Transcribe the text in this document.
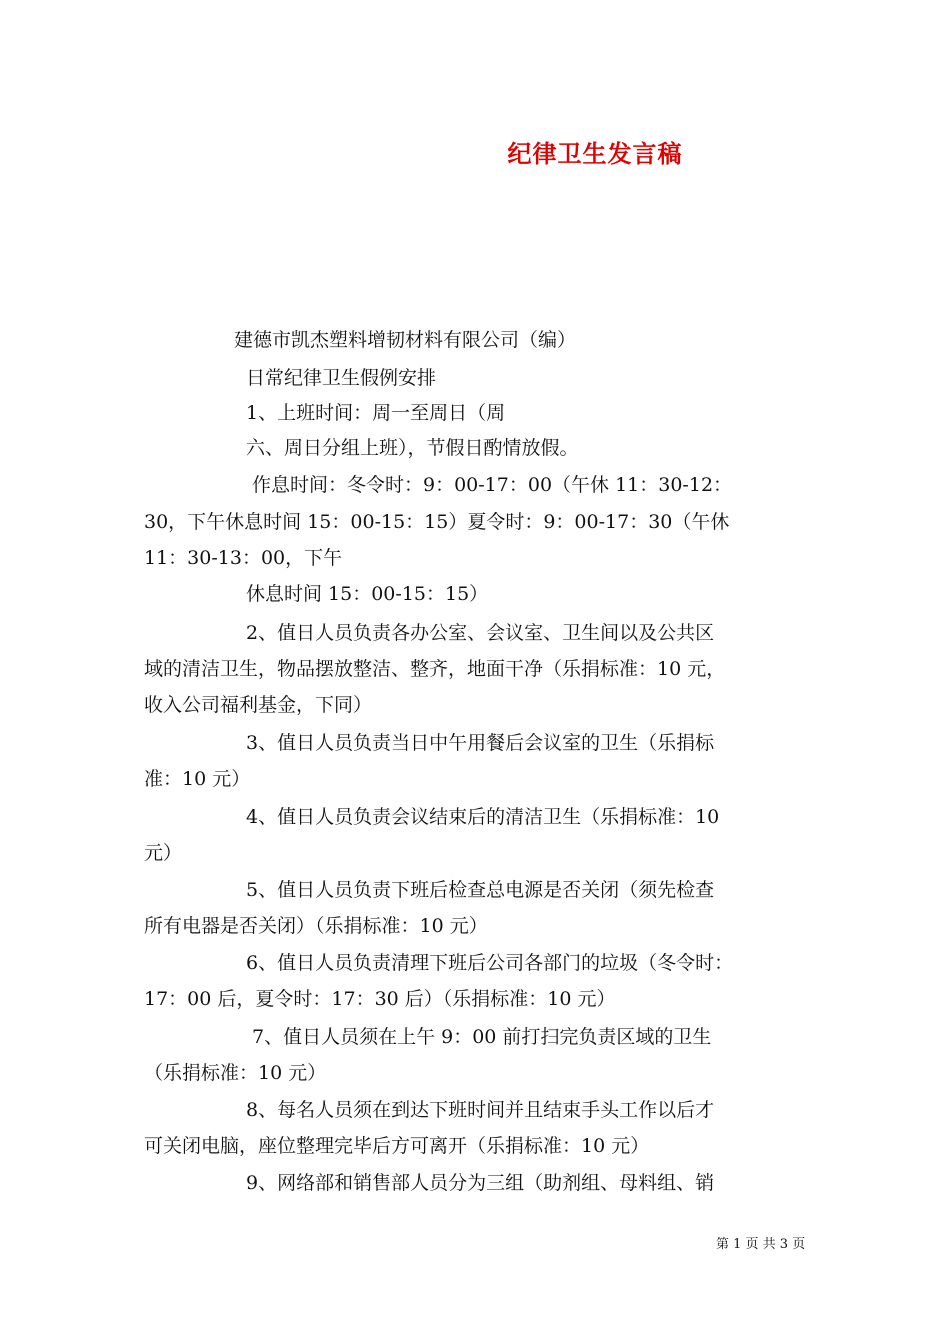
纪律卫生发言稿
建德市凯杰塑料增韧材料有限公司（编）
日常纪律卫生假例安排
1、上班时间：周一至周日（周
六、周日分组上班），节假日酌情放假。
作息时间：冬令时：9：00-17：00（午休 11：30-12：
30，下午休息时间 15：00-15：15）夏令时：9：00-17：30（午休
11：30-13：00，下午
休息时间 15：00-15：15）
2、值日人员负责各办公室、会议室、卫生间以及公共区
域的清洁卫生，物品摆放整洁、整齐，地面干净（乐捐标准：10 元，
收入公司福利基金，下同）
3、值日人员负责当日中午用餐后会议室的卫生（乐捐标
准：10 元）
4、值日人员负责会议结束后的清洁卫生（乐捐标准：10
元）
5、值日人员负责下班后检查总电源是否关闭（须先检查
所有电器是否关闭）（乐捐标准：10 元）
6、值日人员负责清理下班后公司各部门的垃圾（冬令时：
17：00 后，夏令时：17：30 后）（乐捐标准：10 元）
7、值日人员须在上午 9：00 前打扫完负责区域的卫生
（乐捐标准：10 元）
8、每名人员须在到达下班时间并且结束手头工作以后才
可关闭电脑，座位整理完毕后方可离开（乐捐标准：10 元）
9、网络部和销售部人员分为三组（助剂组、母料组、销
第 1 页 共 3 页
